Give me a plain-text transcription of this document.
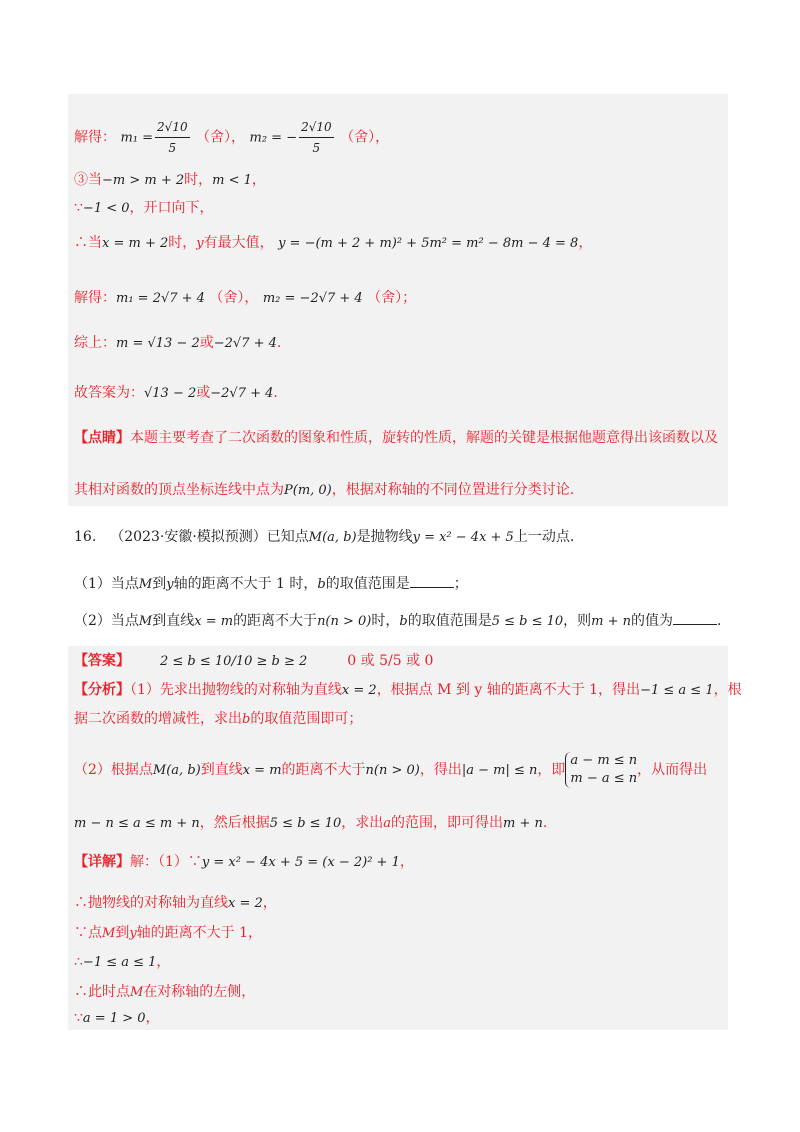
解得： $m_1 = \frac{2√10}{5}$ （舍）， m₂ = − $\frac{2√10}{5}$ （舍），
③当−m > m + 2时，m < 1，
∵−1 < 0，开口向下，
∴当x = m + 2时，y有最大值， y = −(m + 2 + m)² + 5m² = m² − 8m − 4 = 8，
解得：m₁ = 2√7 + 4 （舍）， m₂ = −2√7 + 4 （舍）；
综上：m = √13 − 2或−2√7 + 4.
故答案为：√13 − 2或−2√7 + 4.
【点睛】本题主要考查了二次函数的图象和性质，旋转的性质，解题的关键是根据他题意得出该函数以及
其相对函数的顶点坐标连线中点为P(m, 0)，根据对称轴的不同位置进行分类讨论.
16. （2023·安徽·模拟预测）已知点M(a, b)是抛物线y = x² − 4x + 5上一动点.
（1）当点M到y轴的距离不大于 1 时，b的取值范围是	；
（2）当点M到直线x = m的距离不大于n(n > 0)时，b的取值范围是5 ≤ b ≤ 10，则m + n的值为	.
【答案】 2 ≤ b ≤ 10/10 ≥ b ≥ 2	0 或 5/5 或 0
【分析】（1）先求出抛物线的对称轴为直线x = 2，根据点 M 到 y 轴的距离不大于 1，得出−1 ≤ a ≤ 1，根
据二次函数的增减性，求出b的取值范围即可；
（2）根据点M(a, b)到直线x = m的距离不大于n(n > 0)，得出|a − m| ≤ n，即
a − m ≤ n
m − a ≤ n
，从而得出
m − n ≤ a ≤ m + n，然后根据5 ≤ b ≤ 10，求出a的范围，即可得出m + n.
【详解】解：（1）∵y = x² − 4x + 5 = (x − 2)² + 1，
∴抛物线的对称轴为直线x = 2，
∵点M到y轴的距离不大于 1，
∴−1 ≤ a ≤ 1，
∴此时点M在对称轴的左侧，
∵a = 1 > 0，
